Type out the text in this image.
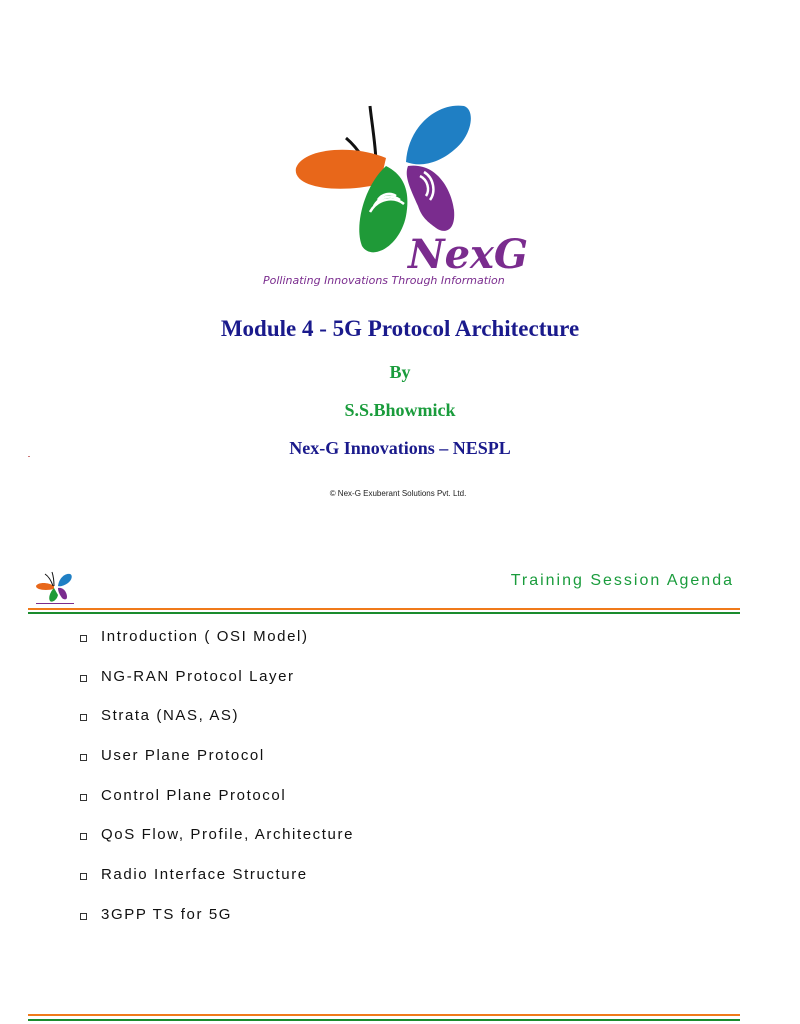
NexG
Pollinating Innovations Through Information
Module 4 - 5G Protocol Architecture
By
S.S.Bhowmick
Nex-G Innovations – NESPL
© Nex-G Exuberant Solutions Pvt. Ltd.
Training Session Agenda
Introduction ( OSI Model)
NG-RAN Protocol Layer
Strata (NAS, AS)
User Plane Protocol
Control Plane Protocol
QoS Flow, Profile, Architecture
Radio Interface Structure
3GPP TS for 5G
